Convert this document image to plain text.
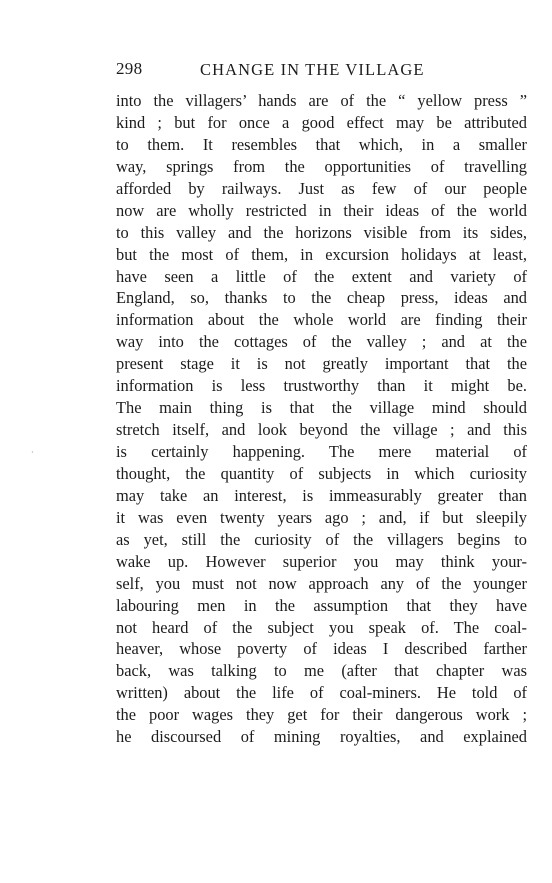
298	CHANGE IN THE VILLAGE
into the villagers’ hands are of the “ yellow press ”
kind ; but for once a good effect may be attributed
to them. It resembles that which, in a smaller
way, springs from the opportunities of travelling
afforded by railways. Just as few of our people
now are wholly restricted in their ideas of the world
to this valley and the horizons visible from its sides,
but the most of them, in excursion holidays at least,
have seen a little of the extent and variety of
England, so, thanks to the cheap press, ideas and
information about the whole world are finding their
way into the cottages of the valley ; and at the
present stage it is not greatly important that the
information is less trustworthy than it might be.
The main thing is that the village mind should
stretch itself, and look beyond the village ; and this
is certainly happening. The mere material of
thought, the quantity of subjects in which curiosity
may take an interest, is immeasurably greater than
it was even twenty years ago ; and, if but sleepily
as yet, still the curiosity of the villagers begins to
wake up. However superior you may think your-
self, you must not now approach any of the younger
labouring men in the assumption that they have
not heard of the subject you speak of. The coal-
heaver, whose poverty of ideas I described farther
back, was talking to me (after that chapter was
written) about the life of coal-miners. He told of
the poor wages they get for their dangerous work ;
he discoursed of mining royalties, and explained
·
